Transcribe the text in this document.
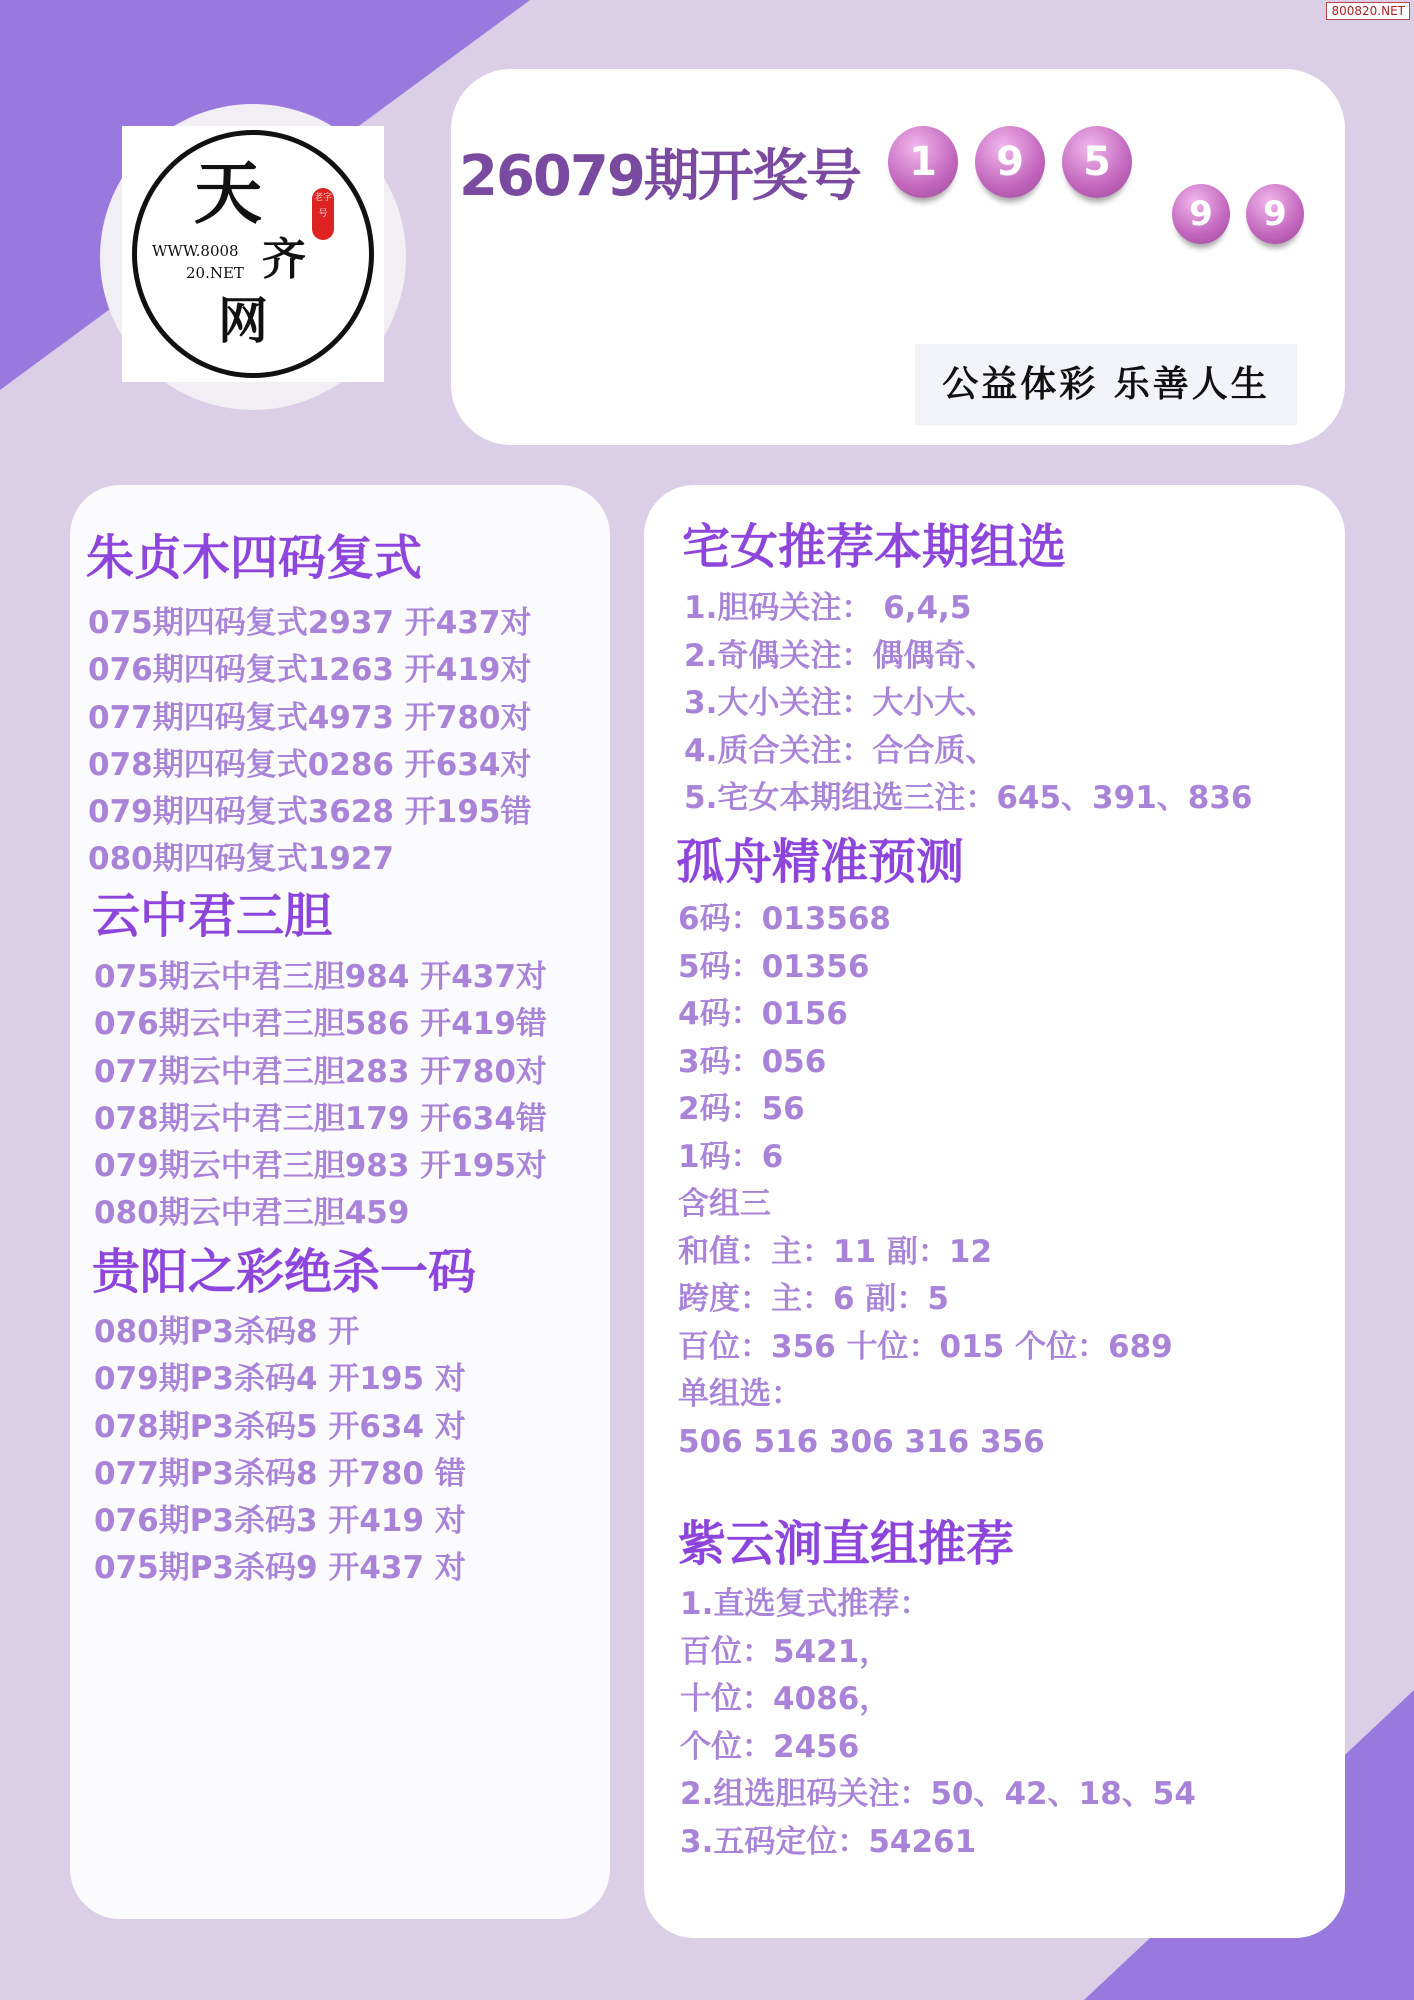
800820.NET
天
齐
网
WWW.8008
20.NET
老字号
26079期开奖号	1	9	5
9	9
公益体彩 乐善人生
朱贞木四码复式
075期四码复式2937 开437对
076期四码复式1263 开419对
077期四码复式4973 开780对
078期四码复式0286 开634对
079期四码复式3628 开195错
080期四码复式1927
云中君三胆
075期云中君三胆984 开437对
076期云中君三胆586 开419错
077期云中君三胆283 开780对
078期云中君三胆179 开634错
079期云中君三胆983 开195对
080期云中君三胆459
贵阳之彩绝杀一码
080期P3杀码8 开
079期P3杀码4 开195 对
078期P3杀码5 开634 对
077期P3杀码8 开780 错
076期P3杀码3 开419 对
075期P3杀码9 开437 对
宅女推荐本期组选
1.胆码关注： 6,4,5
2.奇偶关注：偶偶奇、
3.大小关注：大小大、
4.质合关注：合合质、
5.宅女本期组选三注：645、391、836
孤舟精准预测
6码：013568
5码：01356
4码：0156
3码：056
2码：56
1码：6
含组三
和值：主：11 副：12
跨度：主：6 副：5
百位：356 十位：015 个位：689
单组选：
506 516 306 316 356
紫云涧直组推荐
1.直选复式推荐：
百位：5421，
十位：4086，
个位：2456
2.组选胆码关注：50、42、18、54
3.五码定位：54261
